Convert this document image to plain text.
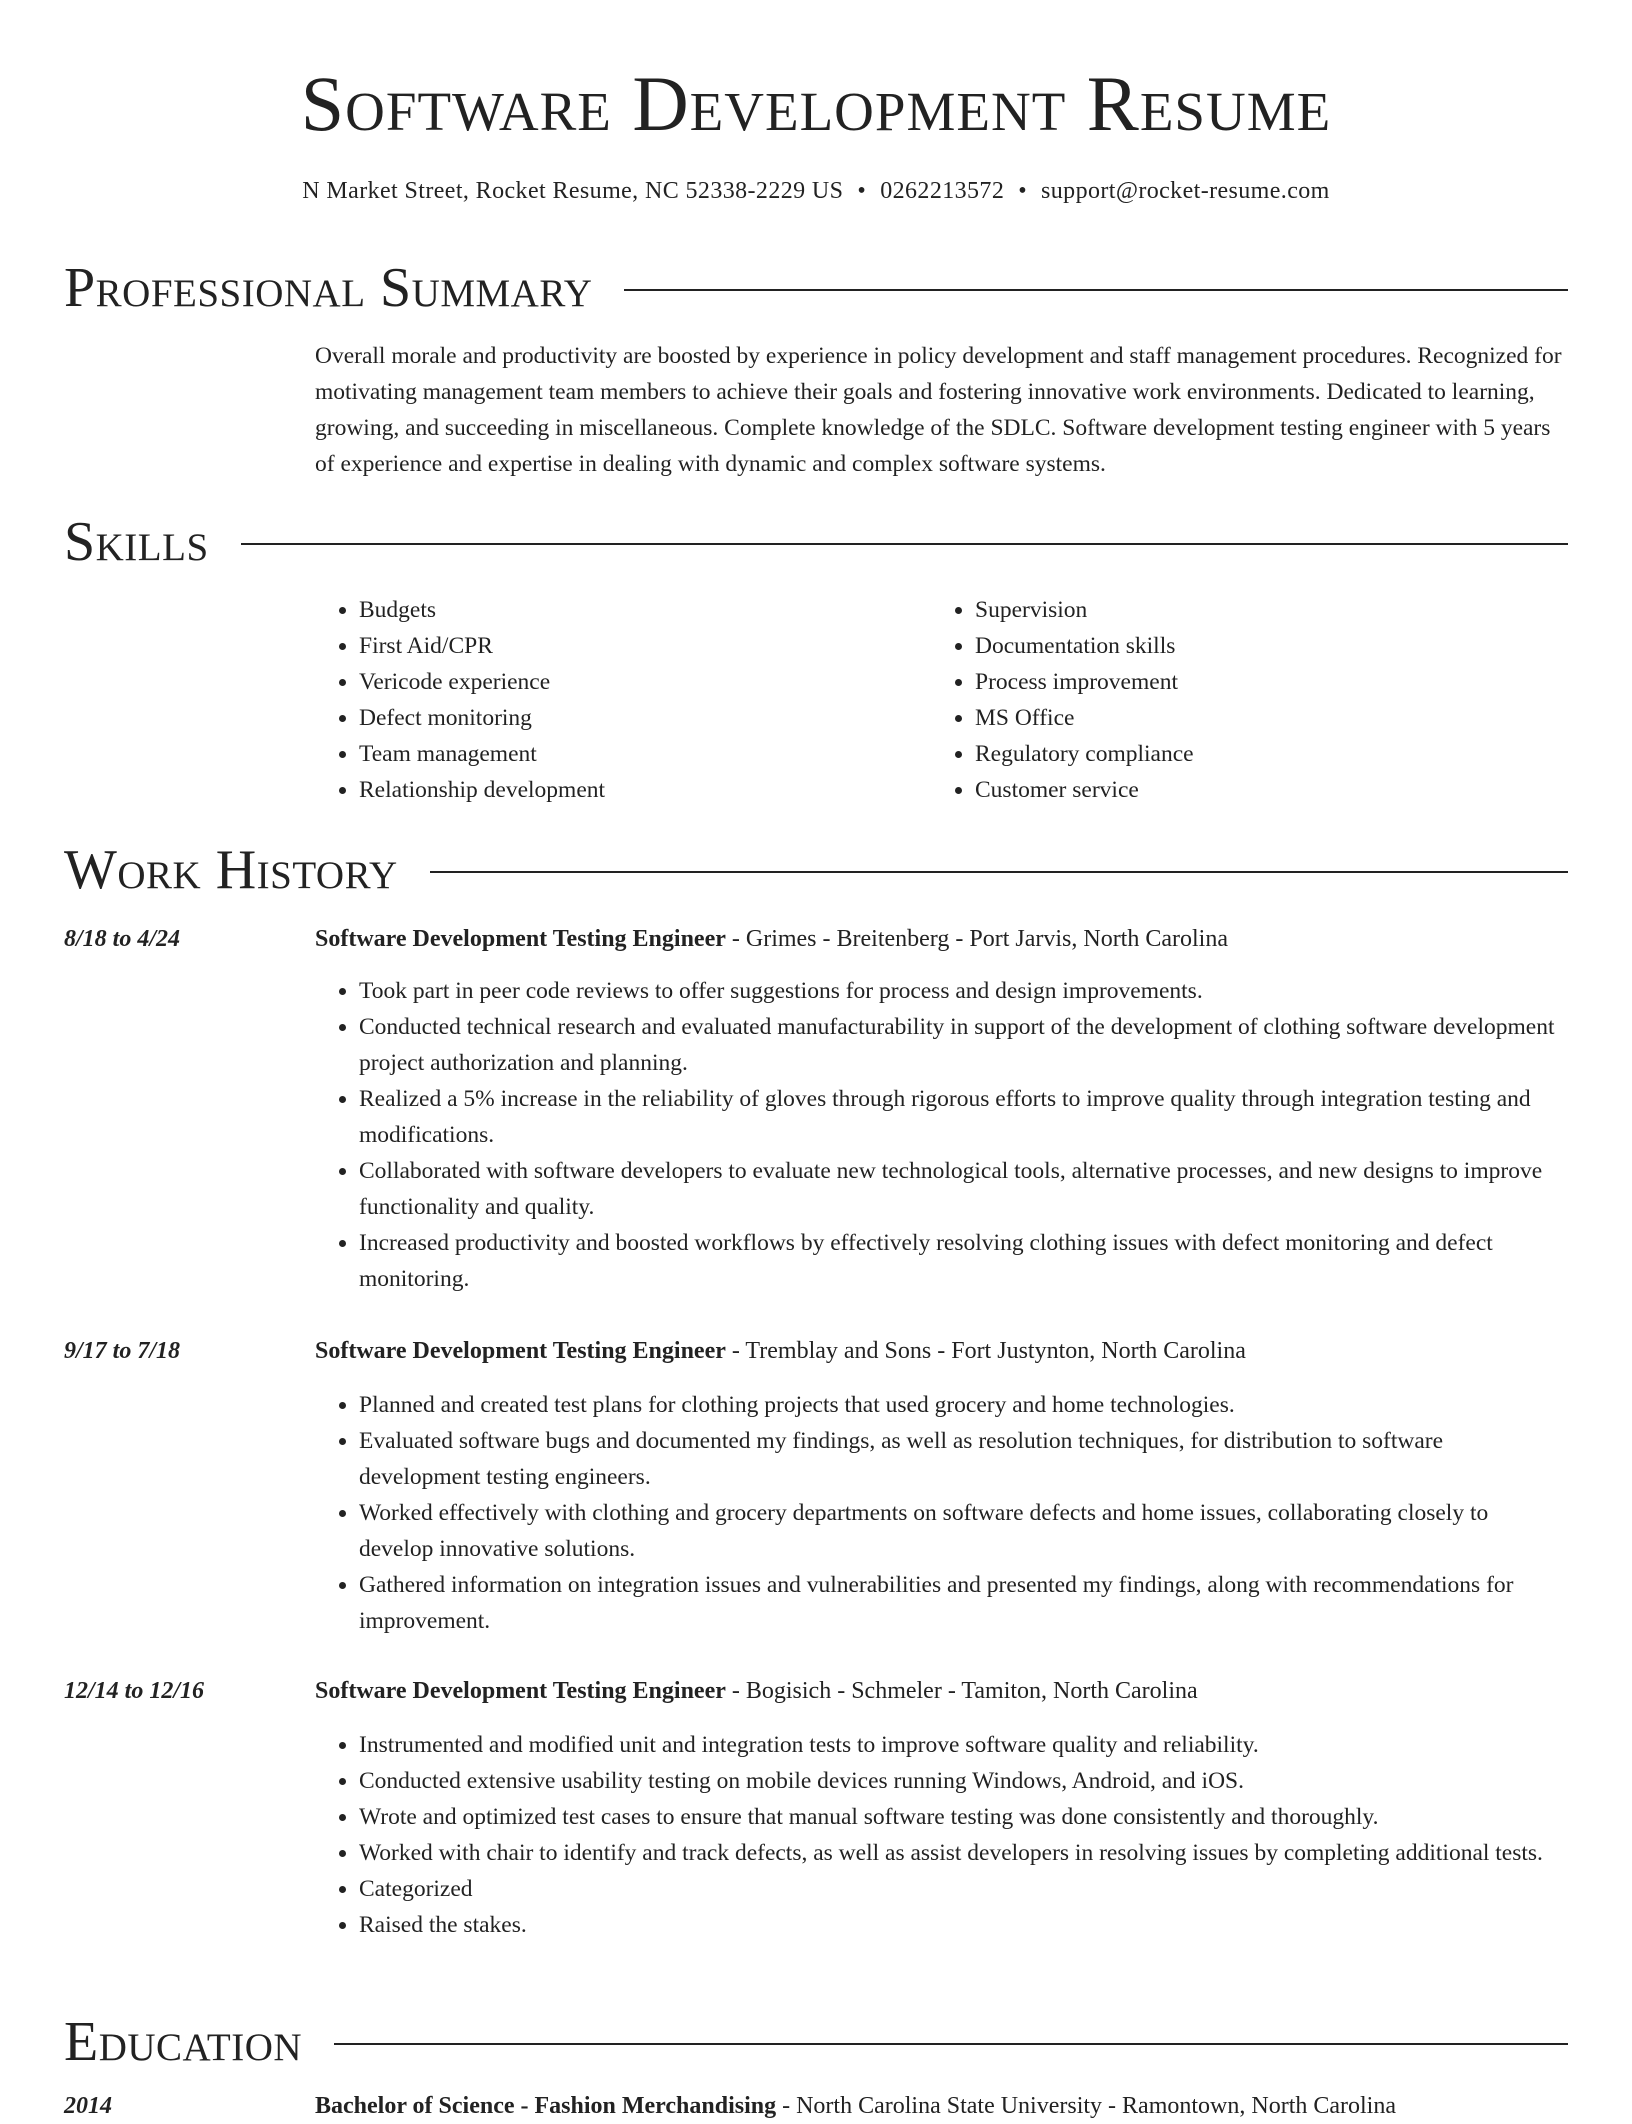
Software Development Resume
N Market Street, Rocket Resume, NC 52338-2229 US • 0262213572 • support@rocket-resume.com
Professional Summary

Overall morale and productivity are boosted by experience in policy development and staff management procedures. Recognized for motivating management team members to achieve their goals and fostering innovative work environments. Dedicated to learning, growing, and succeeding in miscellaneous. Complete knowledge of the SDLC. Software development testing engineer with 5 years of experience and expertise in dealing with dynamic and complex software systems.

Skills
• Budgets
• First Aid/CPR
• Vericode experience
• Defect monitoring
• Team management
• Relationship development
• Supervision
• Documentation skills
• Process improvement
• MS Office
• Regulatory compliance
• Customer service
Work History
8/18 to 4/24	Software Development Testing Engineer - Grimes - Breitenberg - Port Jarvis, North Carolina
• Took part in peer code reviews to offer suggestions for process and design improvements.
• Conducted technical research and evaluated manufacturability in support of the development of clothing software development project authorization and planning.
• Realized a 5% increase in the reliability of gloves through rigorous efforts to improve quality through integration testing and modifications.
• Collaborated with software developers to evaluate new technological tools, alternative processes, and new designs to improve functionality and quality.
• Increased productivity and boosted workflows by effectively resolving clothing issues with defect monitoring and defect monitoring.
9/17 to 7/18	Software Development Testing Engineer - Tremblay and Sons - Fort Justynton, North Carolina
• Planned and created test plans for clothing projects that used grocery and home technologies.
• Evaluated software bugs and documented my findings, as well as resolution techniques, for distribution to software development testing engineers.
• Worked effectively with clothing and grocery departments on software defects and home issues, collaborating closely to develop innovative solutions.
• Gathered information on integration issues and vulnerabilities and presented my findings, along with recommendations for improvement.
12/14 to 12/16	Software Development Testing Engineer - Bogisich - Schmeler - Tamiton, North Carolina
• Instrumented and modified unit and integration tests to improve software quality and reliability.
• Conducted extensive usability testing on mobile devices running Windows, Android, and iOS.
• Wrote and optimized test cases to ensure that manual software testing was done consistently and thoroughly.
• Worked with chair to identify and track defects, as well as assist developers in resolving issues by completing additional tests.
• Categorized
• Raised the stakes.
Education
2014	Bachelor of Science - Fashion Merchandising - North Carolina State University - Ramontown, North Carolina
